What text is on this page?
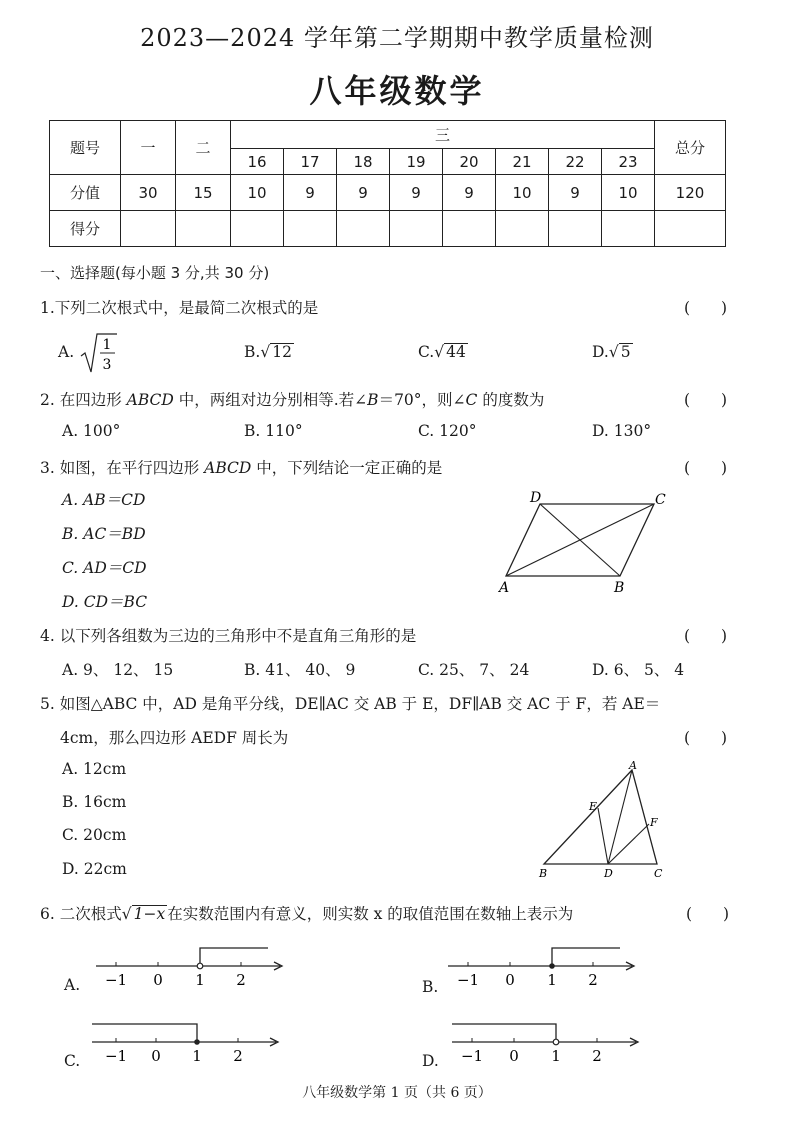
2023—2024 学年第二学期期中教学质量检测
八年级数学
题号	一	二	三								总分
			16	17	18	19	20	21	22	23	
分值	30	15	10	9	9	9	9	10	9	10	120
得分											
一、选择题(每小题 3 分,共 30 分)
1.下列二次根式中，是最简二次根式的是	(　　)
A. 1
3
B.√ 12	C.√ 44	D.√ 5
2. 在四边形 ABCD 中，两组对边分别相等.若∠B＝70°，则∠C 的度数为	(　　)
A. 100°	B. 110°	C. 120°	D. 130°
3. 如图，在平行四边形 ABCD 中，下列结论一定正确的是	(　　)
A. AB＝CD
B. AC＝BD
C. AD＝CD
D. CD＝BC
D	C
A	B
4. 以下列各组数为三边的三角形中不是直角三角形的是	(　　)
A. 9、 12、 15	B. 41、 40、 9	C. 25、 7、 24	D. 6、 5、 4
5. 如图△ABC 中，AD 是角平分线，DE∥AC 交 AB 于 E，DF∥AB 交 AC 于 F，若 AE＝
4cm，那么四边形 AEDF 周长为	(　　)
A. 12cm
B. 16cm
C. 20cm
D. 22cm
A
E
F
B	D	C
6. 二次根式√ 1−x 在实数范围内有意义，则实数 x 的取值范围在数轴上表示为	(　　)
A. −1 0 1 2	B. −1 0 1 2
C. −1 0 1 2	D. −1 0 1 2
八年级数学第 1 页（共 6 页）
